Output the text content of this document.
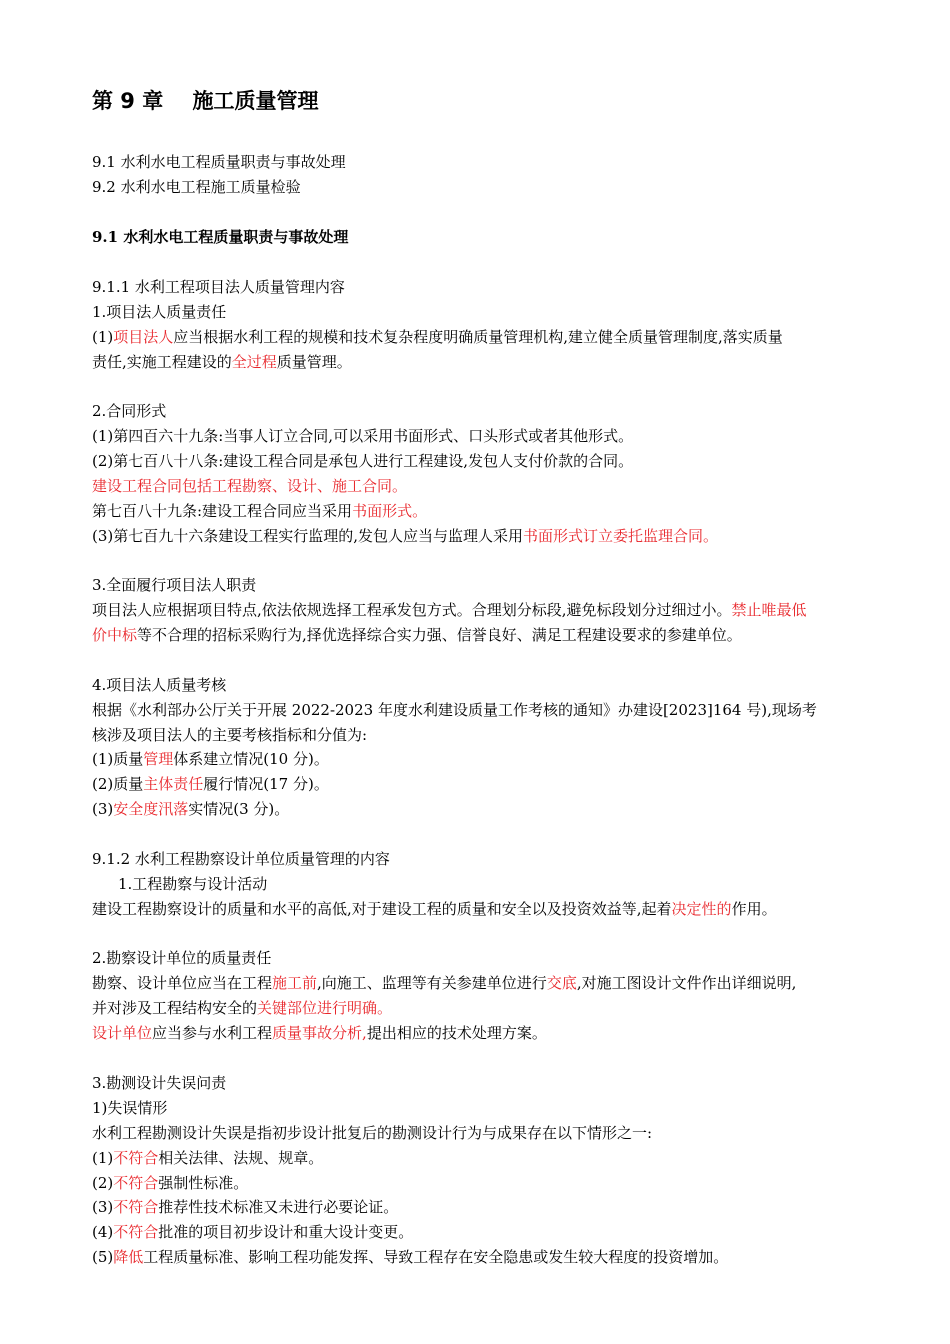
第 9 章    施工质量管理
9.1 水利水电工程质量职责与事故处理
9.2 水利水电工程施工质量检验
9.1 水利水电工程质量职责与事故处理
9.1.1 水利工程项目法人质量管理内容
1.项目法人质量责任
(1)项目法人应当根据水利工程的规模和技术复杂程度明确质量管理机构,建立健全质量管理制度,落实质量
责任,实施工程建设的全过程质量管理。
2.合同形式
(1)第四百六十九条:当事人订立合同,可以采用书面形式、口头形式或者其他形式。
(2)第七百八十八条:建设工程合同是承包人进行工程建设,发包人支付价款的合同。
建设工程合同包括工程勘察、设计、施工合同。
第七百八十九条:建设工程合同应当采用书面形式。
(3)第七百九十六条建设工程实行监理的,发包人应当与监理人采用书面形式订立委托监理合同。
3.全面履行项目法人职责
项目法人应根据项目特点,依法依规选择工程承发包方式。合理划分标段,避免标段划分过细过小。禁止唯最低
价中标等不合理的招标采购行为,择优选择综合实力强、信誉良好、满足工程建设要求的参建单位。
4.项目法人质量考核
根据《水利部办公厅关于开展 2022-2023 年度水利建设质量工作考核的通知》办建设[2023]164 号),现场考
核涉及项目法人的主要考核指标和分值为:
(1)质量管理体系建立情况(10 分)。
(2)质量主体责任履行情况(17 分)。
(3)安全度汛落实情况(3 分)。
9.1.2 水利工程勘察设计单位质量管理的内容
1.工程勘察与设计活动
建设工程勘察设计的质量和水平的高低,对于建设工程的质量和安全以及投资效益等,起着决定性的作用。
2.勘察设计单位的质量责任
勘察、设计单位应当在工程施工前,向施工、监理等有关参建单位进行交底,对施工图设计文件作出详细说明,
并对涉及工程结构安全的关键部位进行明确。
设计单位应当参与水利工程质量事故分析,提出相应的技术处理方案。
3.勘测设计失误问责
1)失误情形
水利工程勘测设计失误是指初步设计批复后的勘测设计行为与成果存在以下情形之一:
(1)不符合相关法律、法规、规章。
(2)不符合强制性标准。
(3)不符合推荐性技术标准又未进行必要论证。
(4)不符合批准的项目初步设计和重大设计变更。
(5)降低工程质量标准、影响工程功能发挥、导致工程存在安全隐患或发生较大程度的投资增加。
